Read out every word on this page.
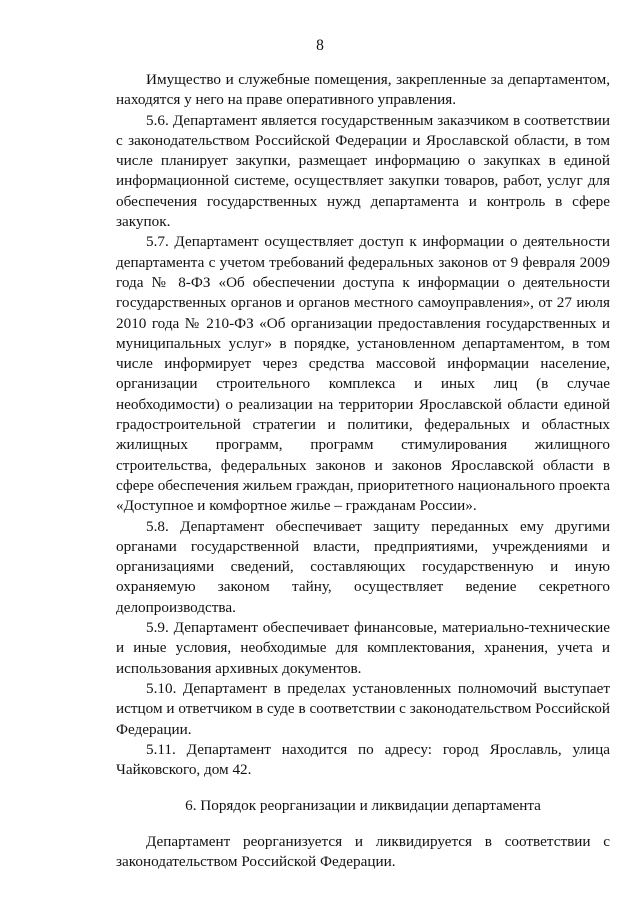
8

Имущество и служебные помещения, закрепленные за департаментом, находятся у него на праве оперативного управления.

5.6. Департамент является государственным заказчиком в соответствии с законодательством Российской Федерации и Ярославской области, в том числе планирует закупки, размещает информацию о закупках в единой информационной системе, осуществляет закупки товаров, работ, услуг для обеспечения государственных нужд департамента и контроль в сфере закупок.

5.7. Департамент осуществляет доступ к информации о деятельности департамента с учетом требований федеральных законов от 9 февраля 2009 года № 8-ФЗ «Об обеспечении доступа к информации о деятельности государственных органов и органов местного самоуправления», от 27 июля 2010 года № 210-ФЗ «Об организации предоставления государственных и муниципальных услуг» в порядке, установленном департаментом, в том числе информирует через средства массовой информации население, организации строительного комплекса и иных лиц (в случае необходимости) о реализации на территории Ярославской области единой градостроительной стратегии и политики, федеральных и областных жилищных программ, программ стимулирования жилищного строительства, федеральных законов и законов Ярославской области в сфере обеспечения жильем граждан, приоритетного национального проекта «Доступное и комфортное жилье – гражданам России».

5.8. Департамент обеспечивает защиту переданных ему другими органами государственной власти, предприятиями, учреждениями и организациями сведений, составляющих государственную и иную охраняемую законом тайну, осуществляет ведение секретного делопроизводства.

5.9. Департамент обеспечивает финансовые, материально-технические и иные условия, необходимые для комплектования, хранения, учета и использования архивных документов.

5.10. Департамент в пределах установленных полномочий выступает истцом и ответчиком в суде в соответствии с законодательством Российской Федерации.

5.11. Департамент находится по адресу: город Ярославль, улица Чайковского, дом 42.

6. Порядок реорганизации и ликвидации департамента

Департамент реорганизуется и ликвидируется в соответствии с законодательством Российской Федерации.
